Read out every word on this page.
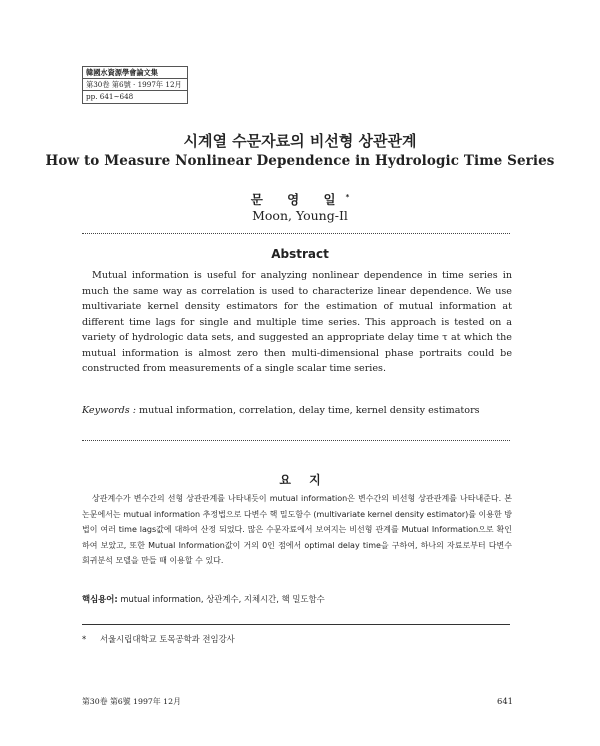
韓國水資源學會論文集
第30卷 第6號 · 1997年 12月
pp. 641~648
시계열 수문자료의 비선형 상관관계
How to Measure Nonlinear Dependence in Hydrologic Time Series
문 영 일*
Moon, Young-Il
Abstract
Mutual information is useful for analyzing nonlinear dependence in time series in much the same way as correlation is used to characterize linear dependence. We use multivariate kernel density estimators for the estimation of mutual information at different time lags for single and multiple time series. This approach is tested on a variety of hydrologic data sets, and suggested an appropriate delay time τ at which the mutual information is almost zero then multi-dimensional phase portraits could be constructed from measurements of a single scalar time series.
Keywords : mutual information, correlation, delay time, kernel density estimators
요 지
상관계수가 변수간의 선형 상관관계를 나타내듯이 mutual information은 변수간의 비선형 상관관계를 나타내준다. 본 논문에서는 mutual information 추정법으로 다변수 핵 밀도함수 (multivariate kernel density estimator)를 이용한 방법이 여러 time lags값에 대하여 산정 되었다. 많은 수문자료에서 보여지는 비선형 관계를 Mutual Information으로 확인하여 보았고, 또한 Mutual Information값이 거의 0인 점에서 optimal delay time을 구하여, 하나의 자료로부터 다변수 회귀분석 모델을 만들 때 이용할 수 있다.
핵심용어: mutual information, 상관계수, 지체시간, 핵 밀도함수
* 서울시립대학교 토목공학과 전임강사
第30卷 第6號 1997年 12月	641
